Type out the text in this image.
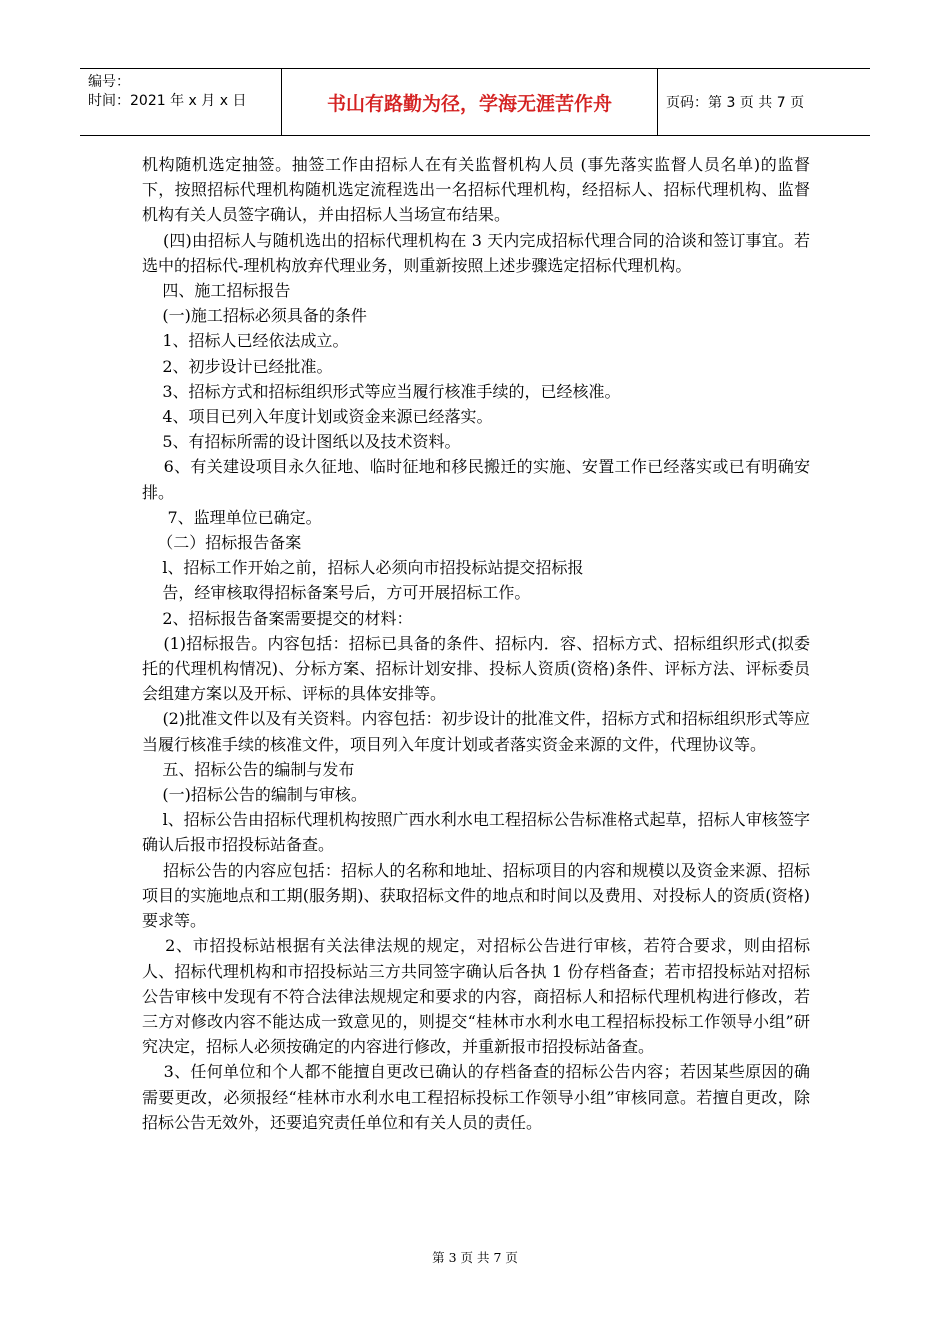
编号：
时间：2021 年 x 月 x 日	书山有路勤为径，学海无涯苦作舟	页码：第 3 页 共 7 页

机构随机选定抽签。抽签工作由招标人在有关监督机构人员 (事先落实监督人员名单)的监督下，按照招标代理机构随机选定流程选出一名招标代理机构，经招标人、招标代理机构、监督机构有关人员签字确认，并由招标人当场宣布结果。

(四)由招标人与随机选出的招标代理机构在 3 天内完成招标代理合同的洽谈和签订事宜。若选中的招标代-理机构放弃代理业务，则重新按照上述步骤选定招标代理机构。

四、施工招标报告

(一)施工招标必须具备的条件

1、招标人已经依法成立。

2、初步设计已经批准。

3、招标方式和招标组织形式等应当履行核准手续的，已经核准。

4、项目已列入年度计划或资金来源已经落实。

5、有招标所需的设计图纸以及技术资料。

6、有关建设项目永久征地、临时征地和移民搬迁的实施、安置工作已经落实或已有明确安排。

7、监理单位已确定。

（二）招标报告备案

l、招标工作开始之前，招标人必须向市招投标站提交招标报

告，经审核取得招标备案号后，方可开展招标工作。

2、招标报告备案需要提交的材料：

(1)招标报告。内容包括：招标已具备的条件、招标内．容、招标方式、招标组织形式(拟委托的代理机构情况)、分标方案、招标计划安排、投标人资质(资格)条件、评标方法、评标委员会组建方案以及开标、评标的具体安排等。

(2)批准文件以及有关资料。内容包括：初步设计的批准文件，招标方式和招标组织形式等应当履行核准手续的核准文件，项目列入年度计划或者落实资金来源的文件，代理协议等。

五、招标公告的编制与发布

(一)招标公告的编制与审核。

l、招标公告由招标代理机构按照广西水利水电工程招标公告标准格式起草，招标人审核签字确认后报市招投标站备查。

招标公告的内容应包括：招标人的名称和地址、招标项目的内容和规模以及资金来源、招标项目的实施地点和工期(服务期)、获取招标文件的地点和时间以及费用、对投标人的资质(资格)要求等。

2、市招投标站根据有关法律法规的规定，对招标公告进行审核，若符合要求，则由招标人、招标代理机构和市招投标站三方共同签字确认后各执 1 份存档备查；若市招投标站对招标公告审核中发现有不符合法律法规规定和要求的内容，商招标人和招标代理机构进行修改，若三方对修改内容不能达成一致意见的，则提交“桂林市水利水电工程招标投标工作领导小组”研究决定，招标人必须按确定的内容进行修改，并重新报市招投标站备查。

3、任何单位和个人都不能擅自更改已确认的存档备查的招标公告内容；若因某些原因的确需要更改，必须报经“桂林市水利水电工程招标投标工作领导小组”审核同意。若擅自更改，除招标公告无效外，还要追究责任单位和有关人员的责任。

第 3 页 共 7 页
